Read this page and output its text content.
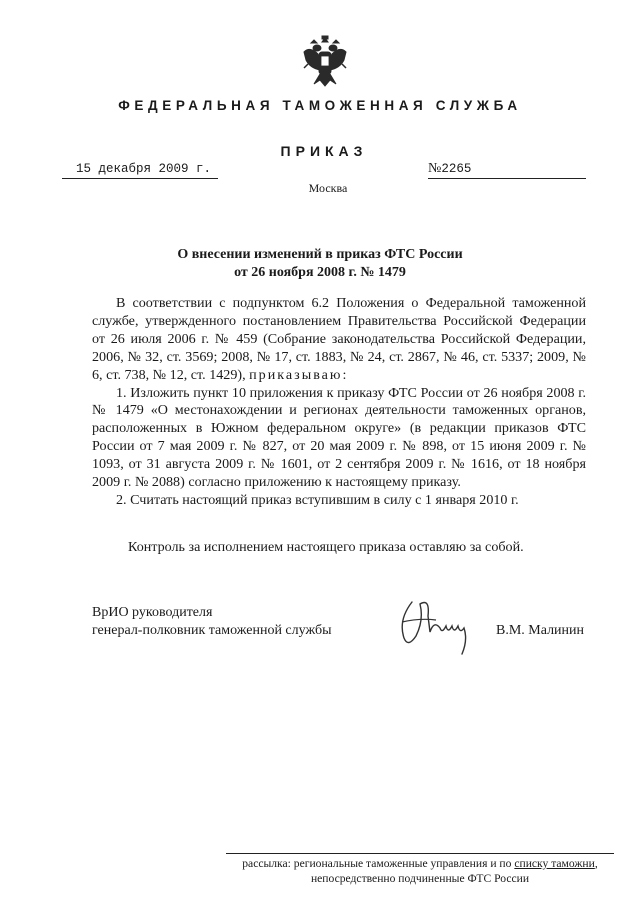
ФЕДЕРАЛЬНАЯ ТАМОЖЕННАЯ СЛУЖБА
ПРИКАЗ
15 декабря 2009 г.	№2265
Москва
О внесении изменений в приказ ФТС России
от 26 ноября 2008 г. № 1479

В соответствии с подпунктом 6.2 Положения о Федеральной таможенной службе, утвержденного постановлением Правительства Российской Федерации от 26 июля 2006 г. № 459 (Собрание законодательства Российской Федерации, 2006, № 32, ст. 3569; 2008, № 17, ст. 1883, № 24, ст. 2867, № 46, ст. 5337; 2009, № 6, ст. 738, № 12, ст. 1429), приказываю:

1. Изложить пункт 10 приложения к приказу ФТС России от 26 ноября 2008 г. № 1479 «О местонахождении и регионах деятельности таможенных органов, расположенных в Южном федеральном округе» (в редакции приказов ФТС России от 7 мая 2009 г. № 827, от 20 мая 2009 г. № 898, от 15 июня 2009 г. № 1093, от 31 августа 2009 г. № 1601, от 2 сентября 2009 г. № 1616, от 18 ноября 2009 г. № 2088) согласно приложению к настоящему приказу.

2. Считать настоящий приказ вступившим в силу с 1 января 2010 г.

Контроль за исполнением настоящего приказа оставляю за собой.
ВрИО руководителя
генерал-полковник таможенной службы	В.М. Малинин
рассылка: региональные таможенные управления и по списку таможни,
непосредственно подчиненные ФТС России
